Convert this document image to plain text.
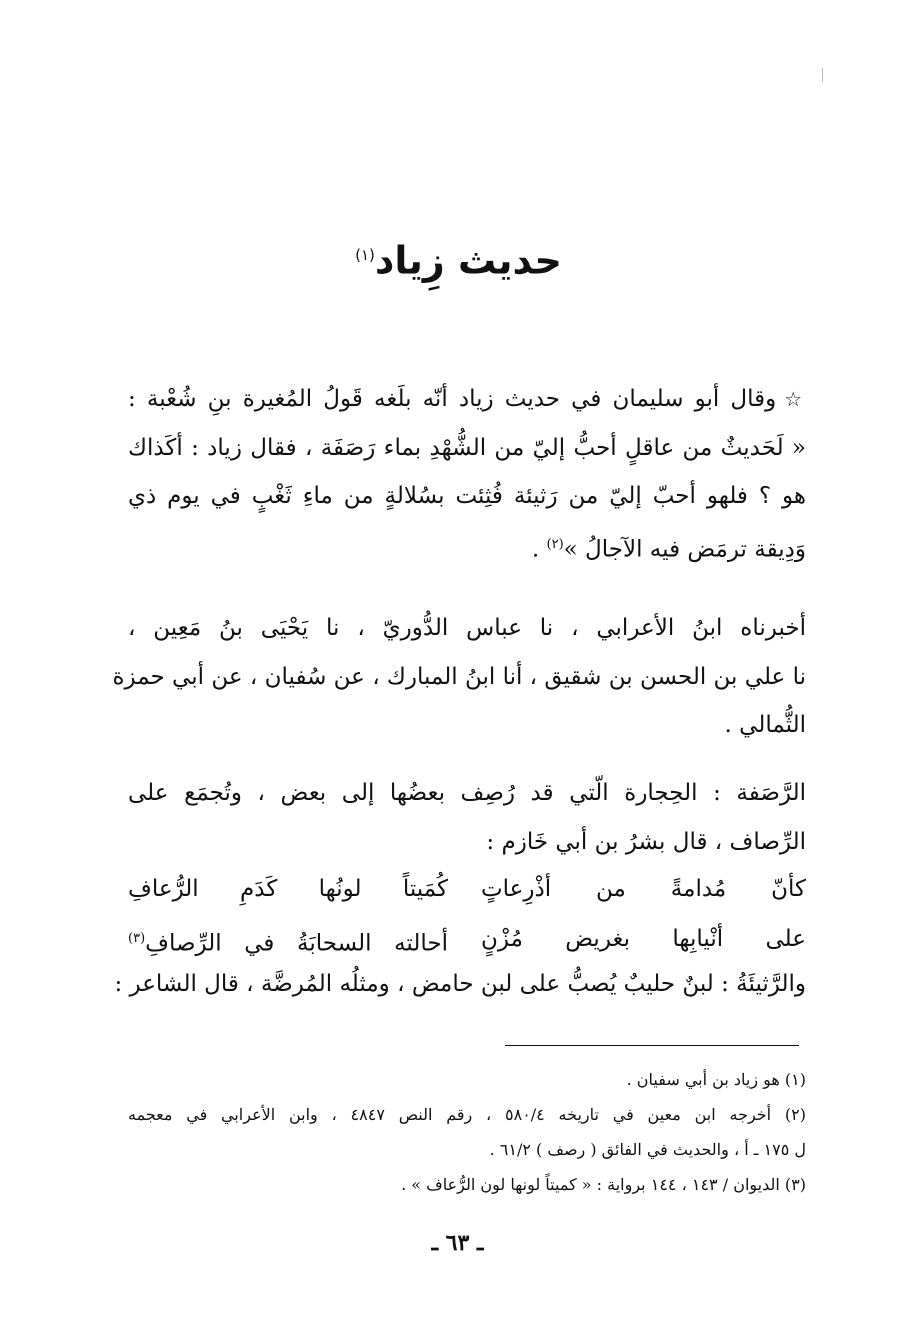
حديث زِياد$^{(١)}$
☆وقال أبو سليمان في حديث زياد أنّه بلَغه قَولُ المُغيرة بنِ شُعْبة :
« لَحَديثٌ من عاقلٍ أحبُّ إليّ من الشُّهْدِ بماء رَصَفَة ، فقال زياد : أكَذاك
هو ؟ فلهو أحبّ إليّ من رَثيئة فُثِئت بسُلالةٍ من ماءِ ثَغْبٍ في يوم ذي
وَدِيقة ترمَض فيه الآجالُ »$^{(٢)}$ .
أخبرناه ابنُ الأعرابي ، نا عباس الدُّوريّ ، نا يَحْيَى بنُ مَعِين ،
نا علي بن الحسن بن شقيق ، أنا ابنُ المبارك ، عن سُفيان ، عن أبي حمزة
الثُّمالي .
الرَّصَفة : الحِجارة الّتي قد رُصِف بعضُها إلى بعض ، وتُجمَع على
الرِّصاف ، قال بشرُ بن أبي خَازم :
كأنّ مُدامةً من أذْرِعاتٍ
كُمَيتاً لونُها كَدَمِ الرُّعافِ
على أنْيابِها بغريض مُزْنٍ
أحالته السحابَةُ في الرِّصافِ$^{(٣)}$
والرَّثيئَةُ : لبنٌ حليبٌ يُصبُّ على لبن حامض ، ومثلُه المُرضَّة ، قال الشاعر :
(١) هو زياد بن أبي سفيان .
(٢) أخرجه ابن معين في تاريخه ٥٨٠/٤ ، رقم النص ٤٨٤٧ ، وابن الأعرابي في معجمه
ل ١٧٥ ـ أ ، والحديث في الفائق ( رصف ) ٦١/٢ .
(٣) الديوان / ١٤٣ ، ١٤٤ برواية : « كميتاً لونها لون الرُّعاف » .
ـ ٦٣ ـ
